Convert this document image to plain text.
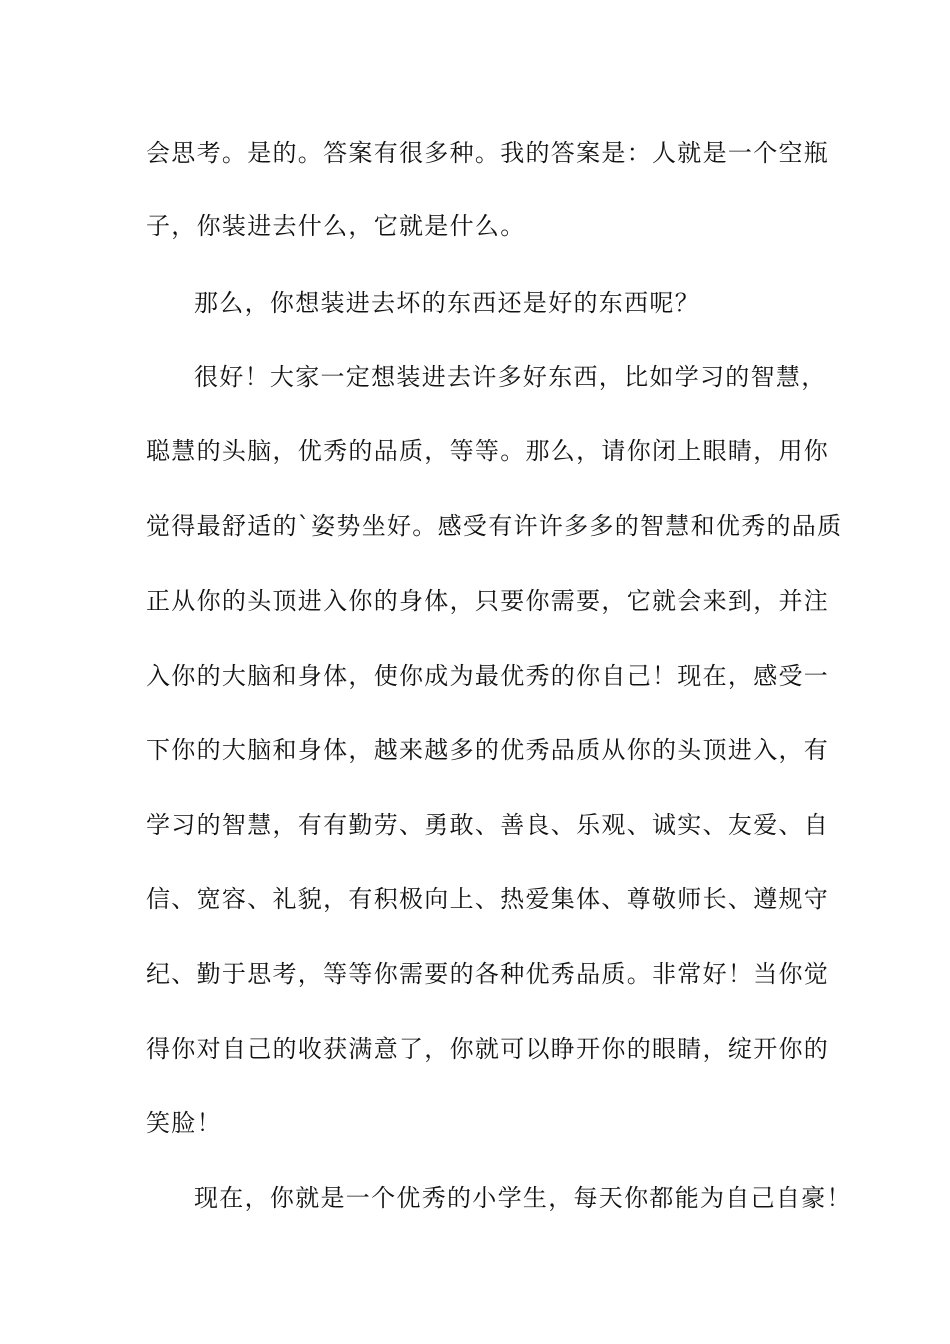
会思考。是的。答案有很多种。我的答案是：人就是一个空瓶
子，你装进去什么，它就是什么。
那么，你想装进去坏的东西还是好的东西呢？
很好！大家一定想装进去许多好东西，比如学习的智慧，
聪慧的头脑，优秀的品质，等等。那么，请你闭上眼睛，用你
觉得最舒适的`姿势坐好。感受有许许多多的智慧和优秀的品质
正从你的头顶进入你的身体，只要你需要，它就会来到，并注
入你的大脑和身体，使你成为最优秀的你自己！现在，感受一
下你的大脑和身体，越来越多的优秀品质从你的头顶进入，有
学习的智慧，有有勤劳、勇敢、善良、乐观、诚实、友爱、自
信、宽容、礼貌，有积极向上、热爱集体、尊敬师长、遵规守
纪、勤于思考，等等你需要的各种优秀品质。非常好！当你觉
得你对自己的收获满意了，你就可以睁开你的眼睛，绽开你的
笑脸！
现在，你就是一个优秀的小学生，每天你都能为自己自豪！
